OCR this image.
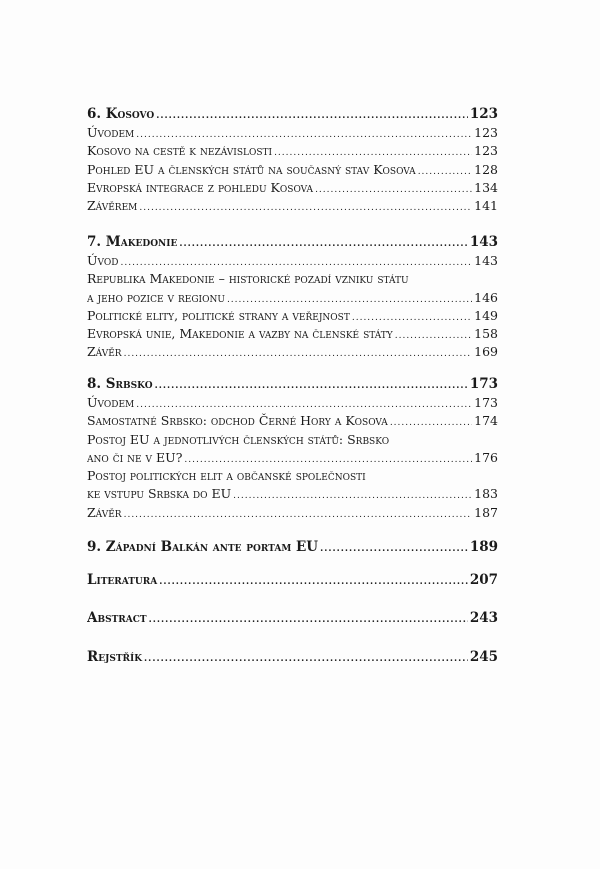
6. Kosovo .....	123
Úvodem .....	123
Kosovo na cestě k nezávislosti .....	123
Pohled EU a členských států na současný stav Kosova .....	128
Evropská integrace z pohledu Kosova .....	134
Závěrem .....	141
7. Makedonie .....	143
Úvod .....	143
Republika Makedonie – historické pozadí vzniku státu
a jeho pozice v regionu .....	146
Politické elity, politické strany a veřejnost .....	149
Evropská unie, Makedonie a vazby na členské státy .....	158
Závěr .....	169
8. Srbsko .....	173
Úvodem .....	173
Samostatné Srbsko: odchod Černé Hory a Kosova .....	174
Postoj EU a jednotlivých členských států: Srbsko
ano či ne v EU? .....	176
Postoj politických elit a občanské společnosti
ke vstupu Srbska do EU .....	183
Závěr .....	187
9. Západní Balkán ante portam EU .....	189
Literatura .....	207
Abstract .....	243
Rejstřík .....	245
